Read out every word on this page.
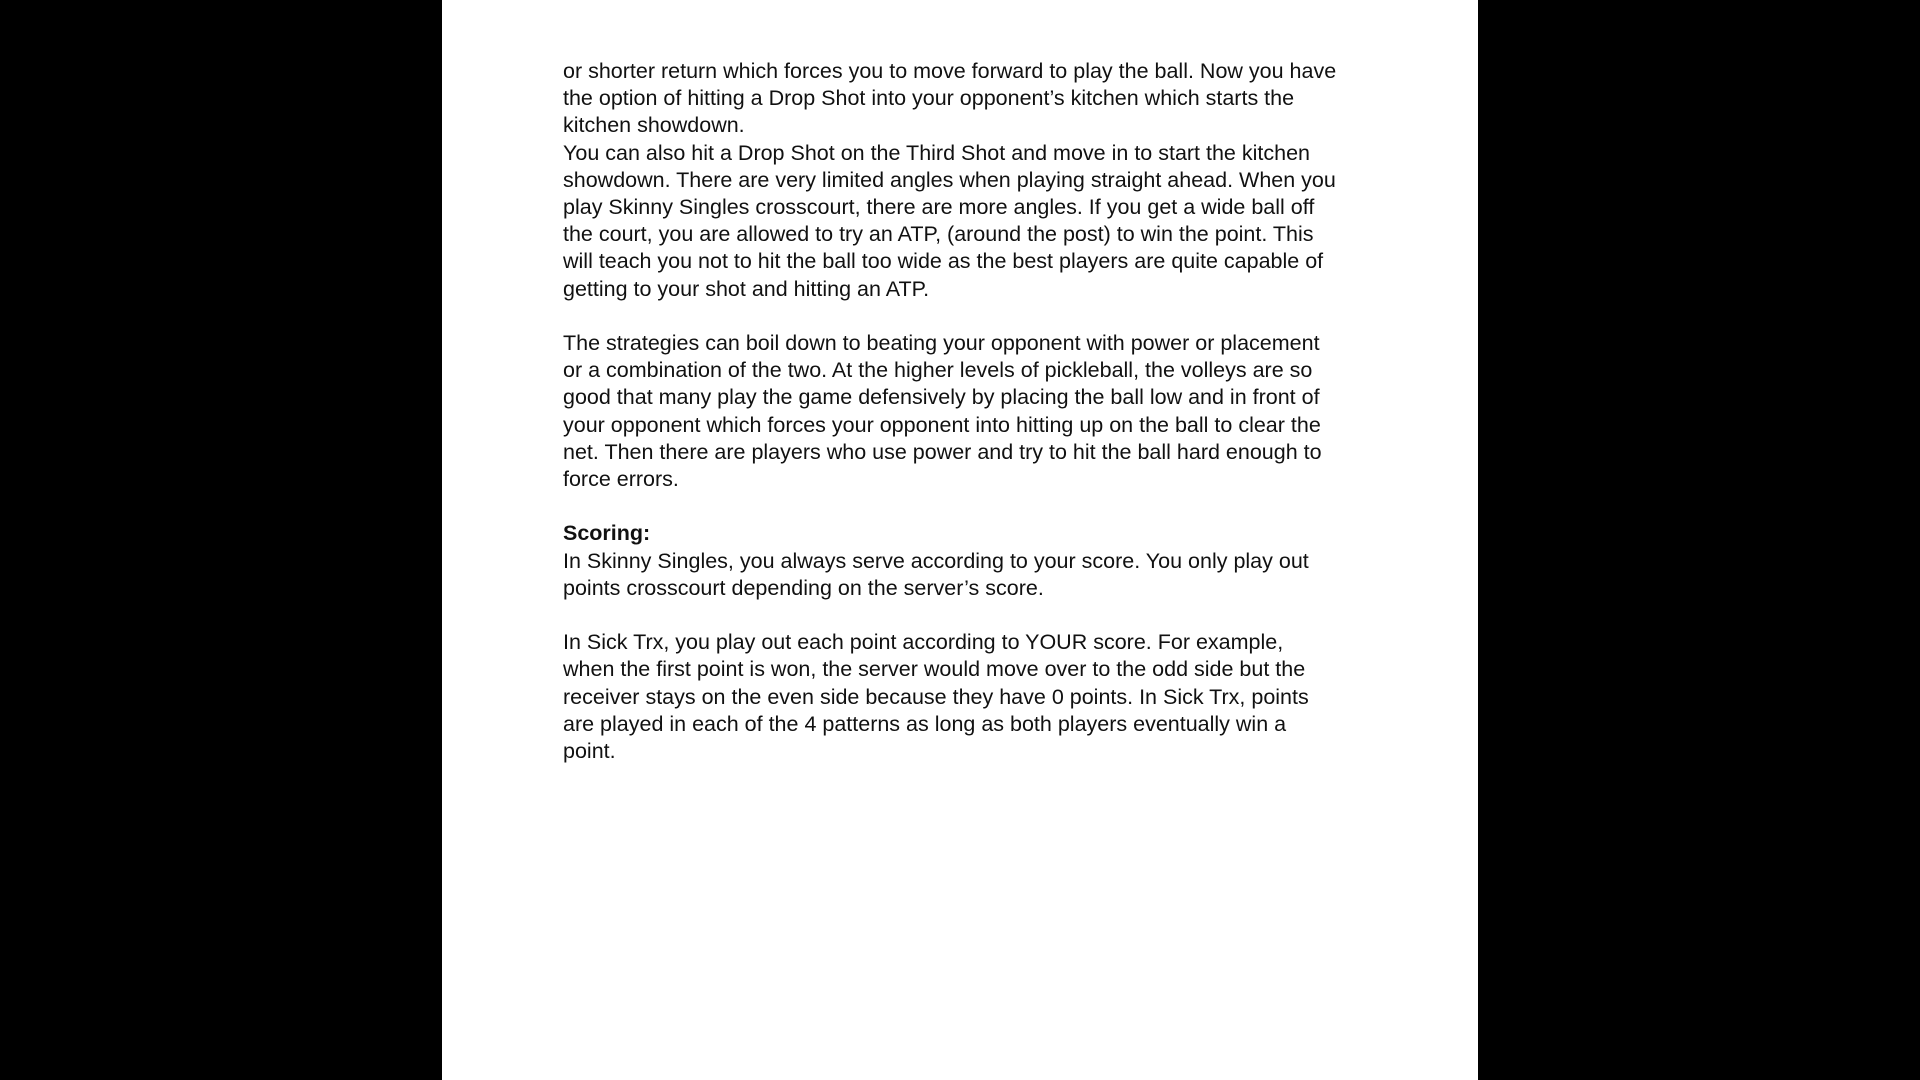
or shorter return which forces you to move forward to play the ball. Now you have
the option of hitting a Drop Shot into your opponent’s kitchen which starts the
kitchen showdown.

You can also hit a Drop Shot on the Third Shot and move in to start the kitchen
showdown. There are very limited angles when playing straight ahead. When you
play Skinny Singles crosscourt, there are more angles. If you get a wide ball off
the court, you are allowed to try an ATP, (around the post) to win the point. This
will teach you not to hit the ball too wide as the best players are quite capable of
getting to your shot and hitting an ATP.

The strategies can boil down to beating your opponent with power or placement
or a combination of the two. At the higher levels of pickleball, the volleys are so
good that many play the game defensively by placing the ball low and in front of
your opponent which forces your opponent into hitting up on the ball to clear the
net. Then there are players who use power and try to hit the ball hard enough to
force errors.

Scoring:

In Skinny Singles, you always serve according to your score. You only play out
points crosscourt depending on the server’s score.

In Sick Trx, you play out each point according to YOUR score. For example,
when the first point is won, the server would move over to the odd side but the
receiver stays on the even side because they have 0 points. In Sick Trx, points
are played in each of the 4 patterns as long as both players eventually win a
point.
